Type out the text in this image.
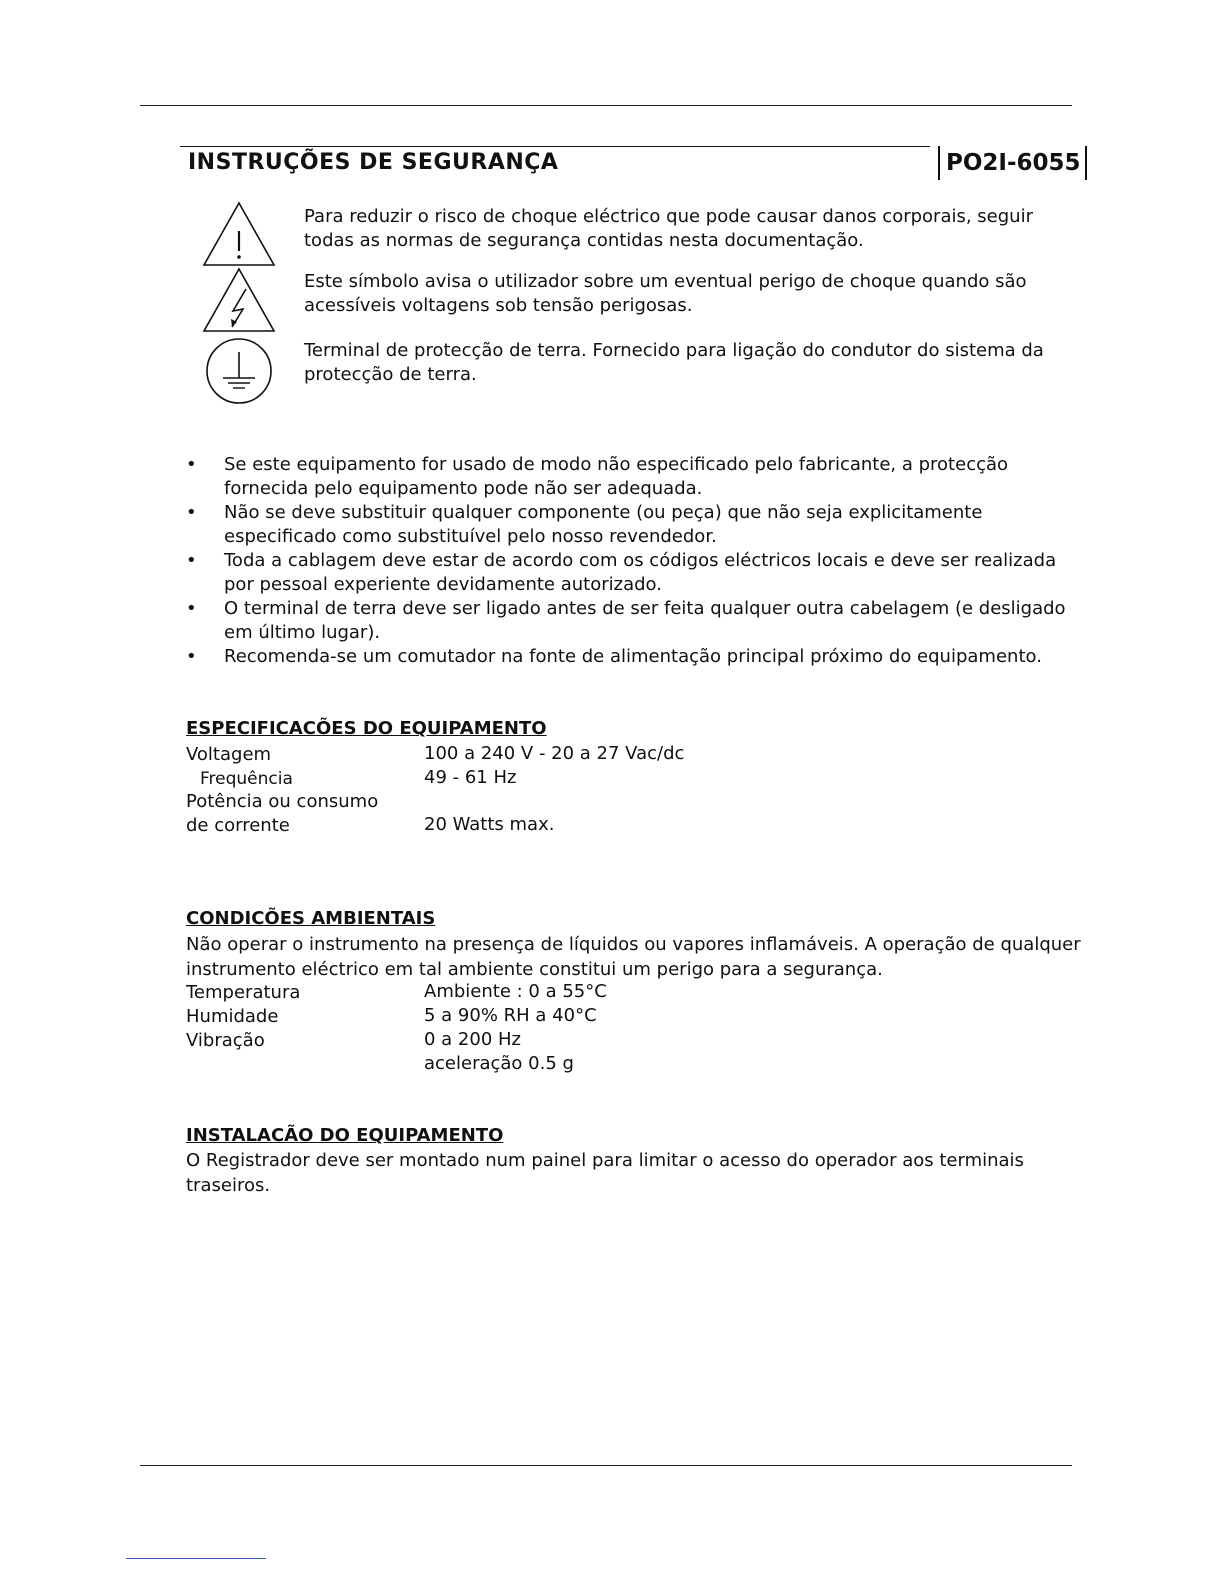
INSTRUÇÕES DE SEGURANÇA	PO2I-6055
Para reduzir o risco de choque eléctrico que pode causar danos corporais, seguir todas as normas de segurança contidas nesta documentação.
Este símbolo avisa o utilizador sobre um eventual perigo de choque quando são acessíveis voltagens sob tensão perigosas.
Terminal de protecção de terra. Fornecido para ligação do condutor do sistema da protecção de terra.
• Se este equipamento for usado de modo não especificado pelo fabricante, a protecção fornecida pelo equipamento pode não ser adequada.
• Não se deve substituir qualquer componente (ou peça) que não seja explicitamente especificado como substituível pelo nosso revendedor.
• Toda a cablagem deve estar de acordo com os códigos eléctricos locais e deve ser realizada por pessoal experiente devidamente autorizado.
• O terminal de terra deve ser ligado antes de ser feita qualquer outra cabelagem (e desligado em último lugar).
• Recomenda-se um comutador na fonte de alimentação principal próximo do equipamento.
ESPECIFICACÕES DO EQUIPAMENTO
Voltagem	100 a 240 V - 20 a 27 Vac/dc
Frequência	49 - 61 Hz
Potência ou consumo
de corrente	20 Watts max.
CONDICÕES AMBIENTAIS
Não operar o instrumento na presença de líquidos ou vapores inflamáveis. A operação de qualquer instrumento eléctrico em tal ambiente constitui um perigo para a segurança.
Temperatura	Ambiente : 0 a 55°C
Humidade	5 a 90% RH a 40°C
Vibração	0 a 200 Hz
aceleração 0.5 g
INSTALACÃO DO EQUIPAMENTO
O Registrador deve ser montado num painel para limitar o acesso do operador aos terminais traseiros.
